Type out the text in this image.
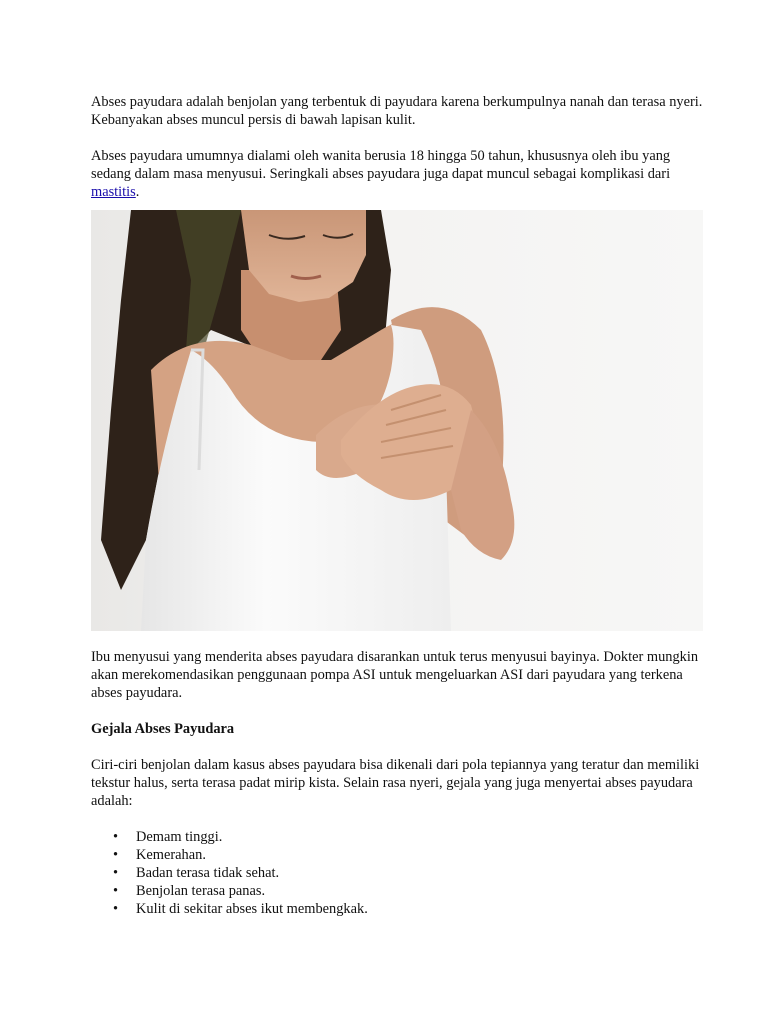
Abses payudara adalah benjolan yang terbentuk di payudara karena berkumpulnya nanah dan terasa nyeri. Kebanyakan abses muncul persis di bawah lapisan kulit.

Abses payudara umumnya dialami oleh wanita berusia 18 hingga 50 tahun, khususnya oleh ibu yang sedang dalam masa menyusui. Seringkali abses payudara juga dapat muncul sebagai komplikasi dari mastitis.

Ibu menyusui yang menderita abses payudara disarankan untuk terus menyusui bayinya. Dokter mungkin akan merekomendasikan penggunaan pompa ASI untuk mengeluarkan ASI dari payudara yang terkena abses payudara.

Gejala Abses Payudara

Ciri-ciri benjolan dalam kasus abses payudara bisa dikenali dari pola tepiannya yang teratur dan memiliki tekstur halus, serta terasa padat mirip kista. Selain rasa nyeri, gejala yang juga menyertai abses payudara adalah:

• Demam tinggi.
• Kemerahan.
• Badan terasa tidak sehat.
• Benjolan terasa panas.
• Kulit di sekitar abses ikut membengkak.
